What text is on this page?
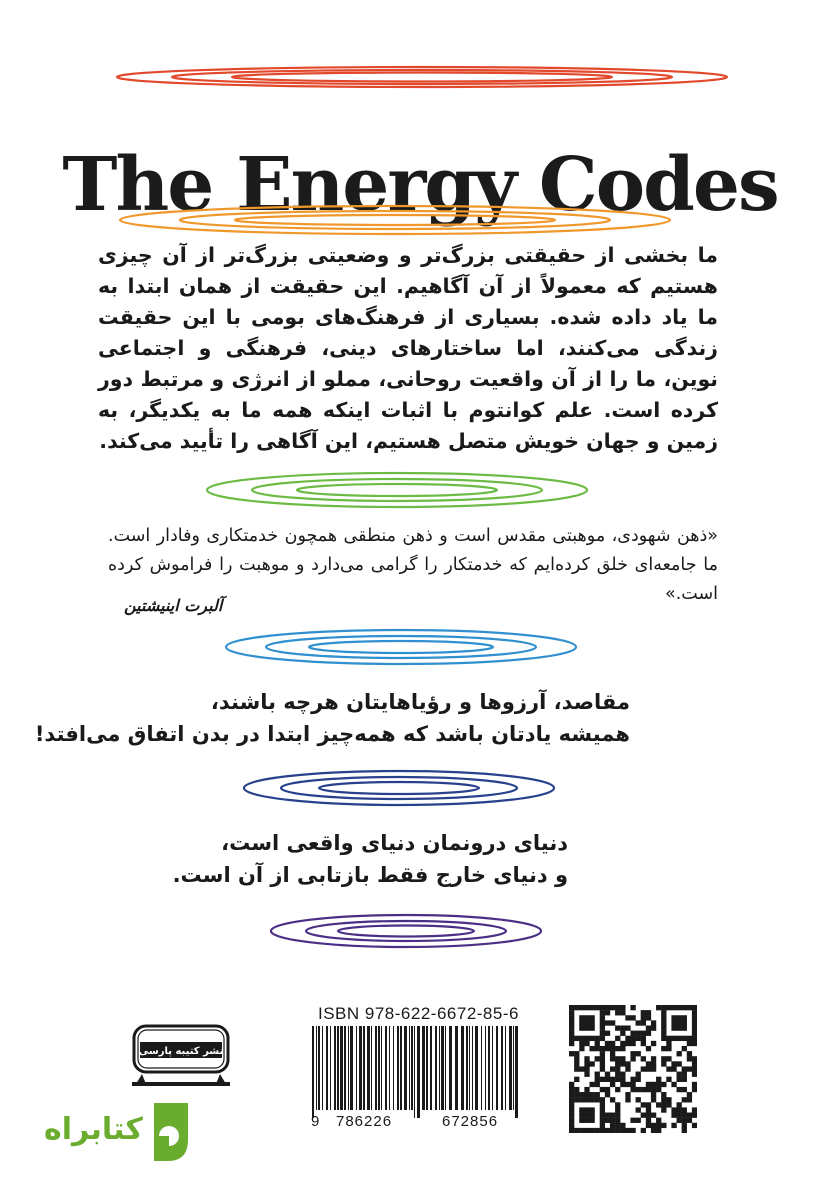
The Energy Codes
ما بخشی از حقیقتی بزرگ‌تر و وضعیتی بزرگ‌تر از آن چیزی هستیم که معمولاً از آن آگاهیم. این حقیقت از همان ابتدا به ما یاد داده شده. بسیاری از فرهنگ‌های بومی با این حقیقت زندگی می‌کنند، اما ساختارهای دینی، فرهنگی و اجتماعی نوین، ما را از آن واقعیت روحانی، مملو از انرژی و مرتبط دور کرده است. علم کوانتوم با اثبات اینکه همه ما به یکدیگر، به زمین و جهان خویش متصل هستیم، این آگاهی را تأیید می‌کند.
«ذهن شهودی، موهبتی مقدس است و ذهن منطقی همچون خدمتکاری وفادار است. ما جامعه‌ای خلق کرده‌ایم که خدمتکار را گرامی می‌دارد و موهبت را فراموش کرده است.»
آلبرت اینیشتین
مقاصد، آرزوها و رؤیاهایتان هرچه باشند،
همیشه یادتان باشد که همه‌چیز ابتدا در بدن اتفاق می‌افتد!
دنیای درونمان دنیای واقعی است،
و دنیای خارج فقط بازتابی از آن است.
ISBN 978-622-6672-85-6
9 786226	672856
نشر کتیبه پارسی
کتابراه
